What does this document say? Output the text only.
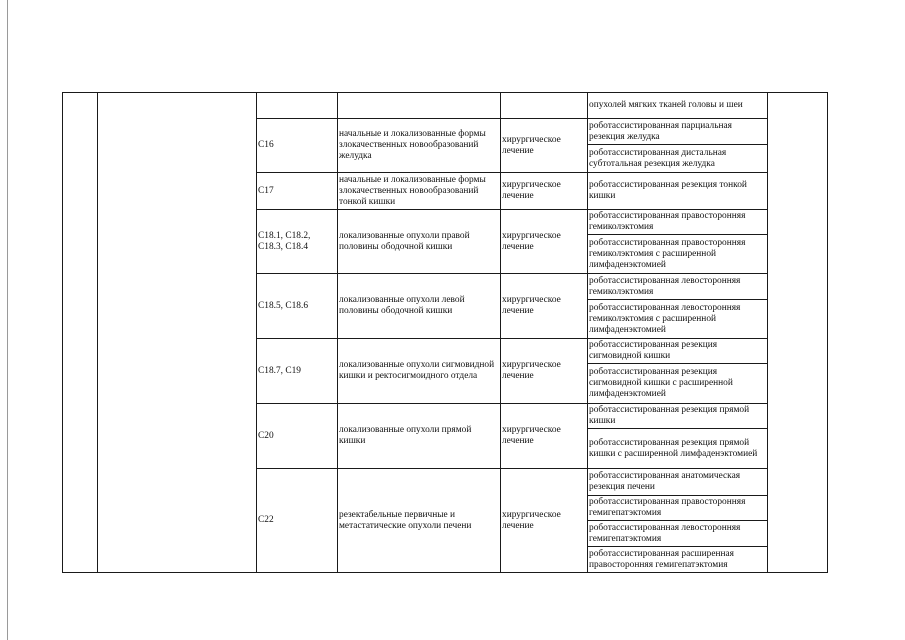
					опухолей мягких тканей головы и шеи	
		C16	начальные и локализованные формы злокачественных новообразований желудка	хирургическое лечение	роботассистированная парциальная резекция желудка	
					роботассистированная дистальная субтотальная резекция желудка	
		C17	начальные и локализованные формы злокачественных новообразований тонкой кишки	хирургическое лечение	роботассистированная резекция тонкой кишки	
		C18.1, C18.2, C18.3, C18.4	локализованные опухоли правой половины ободочной кишки	хирургическое лечение	роботассистированная правосторонняя гемиколэктомия	
					роботассистированная правосторонняя гемиколэктомия с расширенной лимфаденэктомией	
		C18.5, C18.6	локализованные опухоли левой половины ободочной кишки	хирургическое лечение	роботассистированная левосторонняя гемиколэктомия	
					роботассистированная левосторонняя гемиколэктомия с расширенной лимфаденэктомией	
		C18.7, C19	локализованные опухоли сигмовидной кишки и ректосигмоидного отдела	хирургическое лечение	роботассистированная резекция сигмовидной кишки	
					роботассистированная резекция сигмовидной кишки с расширенной лимфаденэктомией	
		C20	локализованные опухоли прямой кишки	хирургическое лечение	роботассистированная резекция прямой кишки	
					роботассистированная резекция прямой кишки с расширенной лимфаденэктомией	
		C22	резектабельные первичные и метастатические опухоли печени	хирургическое лечение	роботассистированная анатомическая резекция печени	
					роботассистированная правосторонняя гемигепатэктомия	
					роботассистированная левосторонняя гемигепатэктомия	
					роботассистированная расширенная правосторонняя гемигепатэктомия	
